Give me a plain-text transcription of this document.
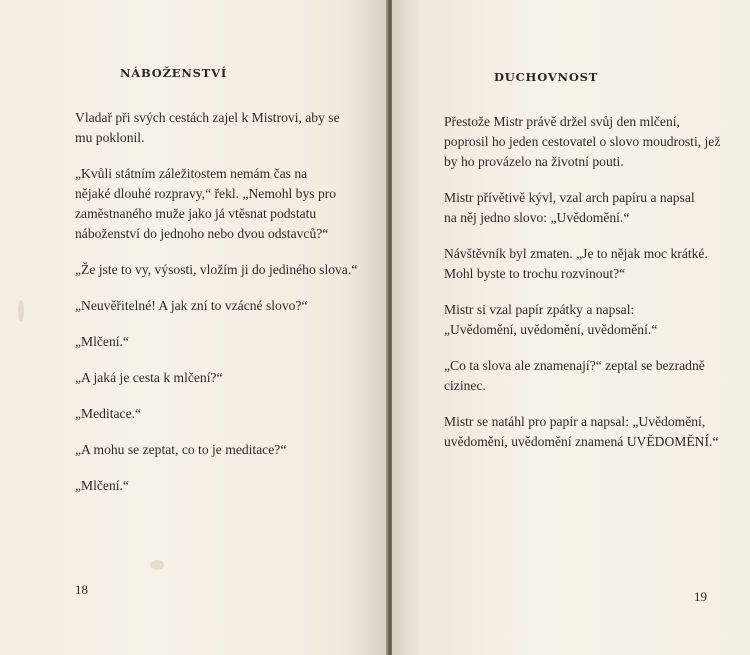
NÁBOŽENSTVÍ

Vladař při svých cestách zajel k Mistrovi, aby se
mu poklonil.

„Kvůli státním záležitostem nemám čas na
nějaké dlouhé rozpravy,“ řekl. „Nemohl bys pro
zaměstnaného muže jako já vtěsnat podstatu
náboženství do jednoho nebo dvou odstavců?“

„Že jste to vy, výsosti, vložím ji do jediného slova.“

„Neuvěřitelné! A jak zní to vzácné slovo?“

„Mlčení.“

„A jaká je cesta k mlčení?“

„Meditace.“

„A mohu se zeptat, co to je meditace?“

„Mlčení.“

18
DUCHOVNOST

Přestože Mistr právě držel svůj den mlčení,
poprosil ho jeden cestovatel o slovo moudrosti, jež
by ho provázelo na životní pouti.

Mistr přívětivě kývl, vzal arch papíru a napsal
na něj jedno slovo: „Uvědomění.“

Návštěvník byl zmaten. „Je to nějak moc krátké.
Mohl byste to trochu rozvinout?“

Mistr si vzal papír zpátky a napsal:
„Uvědomění, uvědomění, uvědomění.“

„Co ta slova ale znamenají?“ zeptal se bezradně
cizinec.

Mistr se natáhl pro papír a napsal: „Uvědomění,
uvědomění, uvědomění znamená UVĚDOMĚNÍ.“

19
